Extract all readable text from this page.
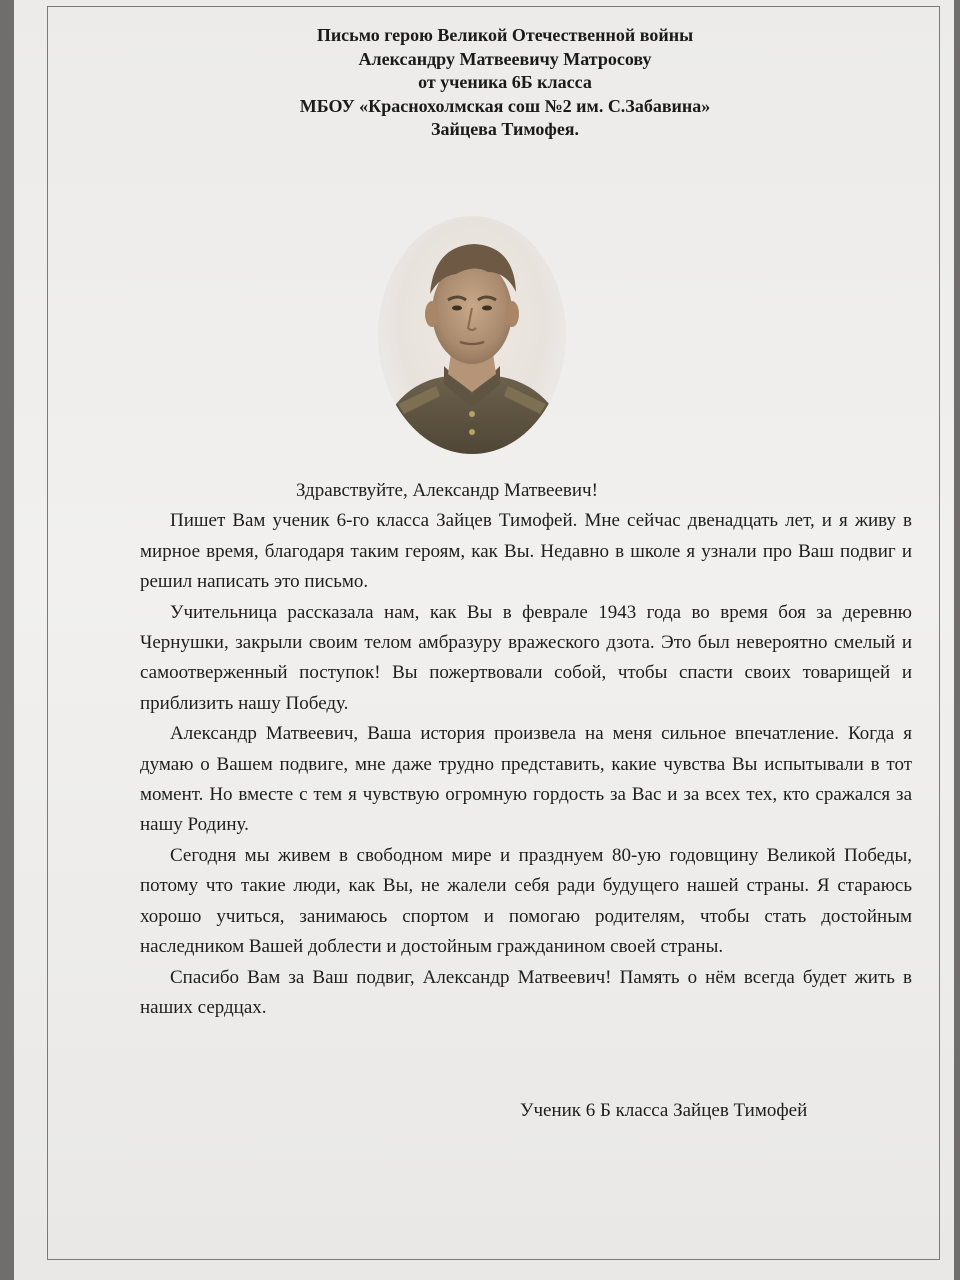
Письмо герою Великой Отечественной войны
Александру Матвеевичу Матросову
от ученика 6Б класса
МБОУ «Краснохолмская сош №2 им. С.Забавина»
Зайцева Тимофея.

Здравствуйте, Александр Матвеевич!

Пишет Вам ученик 6-го класса Зайцев Тимофей. Мне сейчас двенадцать лет, и я живу в мирное время, благодаря таким героям, как Вы. Недавно в школе я узнали про Ваш подвиг и решил написать это письмо.

Учительница рассказала нам, как Вы в феврале 1943 года во время боя за деревню Чернушки, закрыли своим телом амбразуру вражеского дзота. Это был невероятно смелый и самоотверженный поступок! Вы пожертвовали собой, чтобы спасти своих товарищей и приблизить нашу Победу.

Александр Матвеевич, Ваша история произвела на меня сильное впечатление. Когда я думаю о Вашем подвиге, мне даже трудно представить, какие чувства Вы испытывали в тот момент. Но вместе с тем я чувствую огромную гордость за Вас и за всех тех, кто сражался за нашу Родину.

Сегодня мы живем в свободном мире и празднуем 80-ую годовщину Великой Победы, потому что такие люди, как Вы, не жалели себя ради будущего нашей страны. Я стараюсь хорошо учиться, занимаюсь спортом и помогаю родителям, чтобы стать достойным наследником Вашей доблести и достойным гражданином своей страны.

Спасибо Вам за Ваш подвиг, Александр Матвеевич! Память о нём всегда будет жить в наших сердцах.

Ученик 6 Б класса Зайцев Тимофей
